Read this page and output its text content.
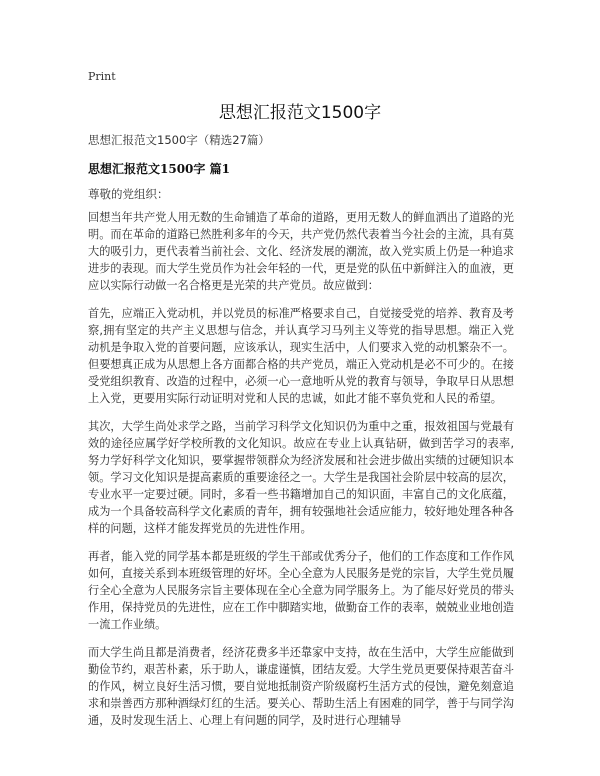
Print
思想汇报范文1500字
思想汇报范文1500字（精选27篇）
思想汇报范文1500字 篇1
尊敬的党组织：

回想当年共产党人用无数的生命铺造了革命的道路，更用无数人的鲜血洒出了道路的光明。而在革命的道路已然胜利多年的今天，共产党仍然代表着当今社会的主流，具有莫大的吸引力，更代表着当前社会、文化、经济发展的潮流，故入党实质上仍是一种追求进步的表现。而大学生党员作为社会年轻的一代，更是党的队伍中新鲜注入的血液，更应以实际行动做一名合格更是光荣的共产党员。故应做到：

首先，应端正入党动机，并以党员的标准严格要求自己，自觉接受党的培养、教育及考察,拥有坚定的共产主义思想与信念，并认真学习马列主义等党的指导思想。端正入党动机是争取入党的首要问题，应该承认，现实生活中，人们要求入党的动机繁杂不一。但要想真正成为从思想上各方面都合格的共产党员，端正入党动机是必不可少的。在接受党组织教育、改造的过程中，必须一心一意地听从党的教育与领导，争取早日从思想上入党，更要用实际行动证明对党和人民的忠诚，如此才能不辜负党和人民的希望。

其次，大学生尚处求学之路，当前学习科学文化知识仍为重中之重，报效祖国与党最有效的途径应属学好学校所教的文化知识。故应在专业上认真钻研，做到苦学习的表率,努力学好科学文化知识，要掌握带领群众为经济发展和社会进步做出实绩的过硬知识本领。学习文化知识是提高素质的重要途径之一。大学生是我国社会阶层中较高的层次，专业水平一定要过硬。同时，多看一些书籍增加自己的知识面，丰富自己的文化底蕴，成为一个具备较高科学文化素质的青年，拥有较强地社会适应能力，较好地处理各种各样的问题，这样才能发挥党员的先进性作用。

再者，能入党的同学基本都是班级的学生干部或优秀分子，他们的工作态度和工作作风如何，直接关系到本班级管理的好坏。全心全意为人民服务是党的宗旨，大学生党员履行全心全意为人民服务宗旨主要体现在全心全意为同学服务上。为了能尽好党员的带头作用，保持党员的先进性，应在工作中脚踏实地，做勤奋工作的表率，兢兢业业地创造一流工作业绩。

而大学生尚且都是消费者，经济花费多半还靠家中支持，故在生活中，大学生应能做到勤俭节约，艰苦朴素，乐于助人，谦虚谨慎，团结友爱。大学生党员更要保持艰苦奋斗的作风，树立良好生活习惯，要自觉地抵制资产阶级腐朽生活方式的侵蚀，避免刻意追求和崇善西方那种酒绿灯红的生活。要关心、帮助生活上有困难的同学，善于与同学沟通，及时发现生活上、心理上有问题的同学，及时进行心理辅导
